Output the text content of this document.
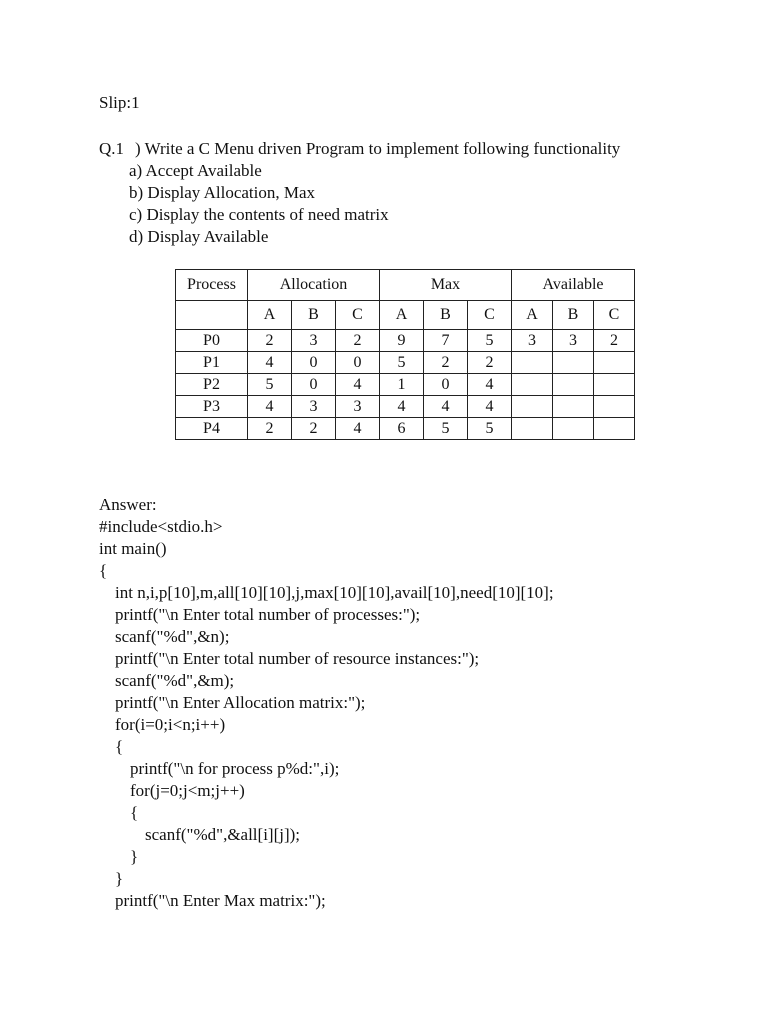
Slip:1

Q.1 ) Write a C Menu driven Program to implement following functionality
a) Accept Available
b) Display Allocation, Max
c) Display the contents of need matrix
d) Display Available
Process	Allocation			Max			Available		
	A	B	C	A	B	C	A	B	C
P0	2	3	2	9	7	5	3	3	2
P1	4	0	0	5	2	2			
P2	5	0	4	1	0	4			
P3	4	3	3	4	4	4			
P4	2	2	4	6	5	5			
Answer:
#include<stdio.h>
int main()
{
int n,i,p[10],m,all[10][10],j,max[10][10],avail[10],need[10][10];
printf("\n Enter total number of processes:");
scanf("%d",&n);
printf("\n Enter total number of resource instances:");
scanf("%d",&m);
printf("\n Enter Allocation matrix:");
for(i=0;i<n;i++)
{
printf("\n for process p%d:",i);
for(j=0;j<m;j++)
{
scanf("%d",&all[i][j]);
}
}
printf("\n Enter Max matrix:");
